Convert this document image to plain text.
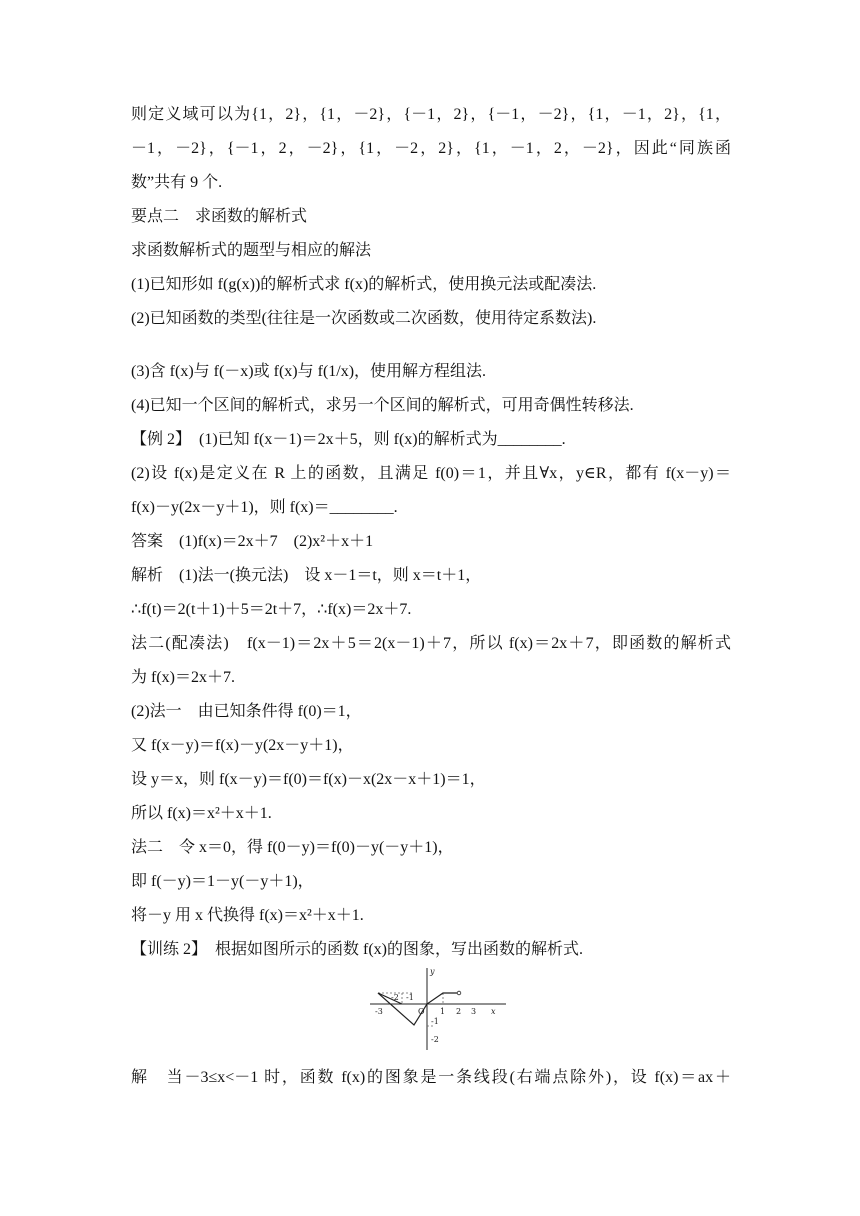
则定义域可以为{1，2}，{1，－2}，{－1，2}，{－1，－2}，{1，－1，2}，{1，
－1，－2}，{－1，2，－2}，{1，－2，2}，{1，－1，2，－2}，因此“同族函
数”共有 9 个.
要点二　求函数的解析式
求函数解析式的题型与相应的解法
(1)已知形如 f(g(x))的解析式求 f(x)的解析式，使用换元法或配凑法.
(2)已知函数的类型(往往是一次函数或二次函数，使用待定系数法).
(3)含 f(x)与 f(－x)或 f(x)与 f(1/x)，使用解方程组法.
(4)已知一个区间的解析式，求另一个区间的解析式，可用奇偶性转移法.
【例 2】　(1)已知 f(x－1)＝2x＋5，则 f(x)的解析式为________.
(2)设 f(x)是定义在 R 上的函数，且满足 f(0)＝1，并且∀x，y∈R，都有 f(x－y)＝
f(x)－y(2x－y＋1)，则 f(x)＝________.
答案　(1)f(x)＝2x＋7　(2)x²＋x＋1
解析　(1)法一(换元法)　设 x－1＝t，则 x＝t＋1，
∴f(t)＝2(t＋1)＋5＝2t＋7，∴f(x)＝2x＋7.
法二(配凑法)　f(x－1)＝2x＋5＝2(x－1)＋7，所以 f(x)＝2x＋7，即函数的解析式
为 f(x)＝2x＋7.
(2)法一　由已知条件得 f(0)＝1，
又 f(x－y)＝f(x)－y(2x－y＋1)，
设 y＝x，则 f(x－y)＝f(0)＝f(x)－x(2x－x＋1)＝1，
所以 f(x)＝x²＋x＋1.
法二　令 x＝0，得 f(0－y)＝f(0)－y(－y＋1)，
即 f(－y)＝1－y(－y＋1)，
将－y 用 x 代换得 f(x)＝x²＋x＋1.
【训练 2】　根据如图所示的函数 f(x)的图象，写出函数的解析式.
-3
-2 -1
O 1 2 3 x
y
-1
-2
解　当－3≤x<－1 时，函数 f(x)的图象是一条线段(右端点除外)，设 f(x)＝ax＋
